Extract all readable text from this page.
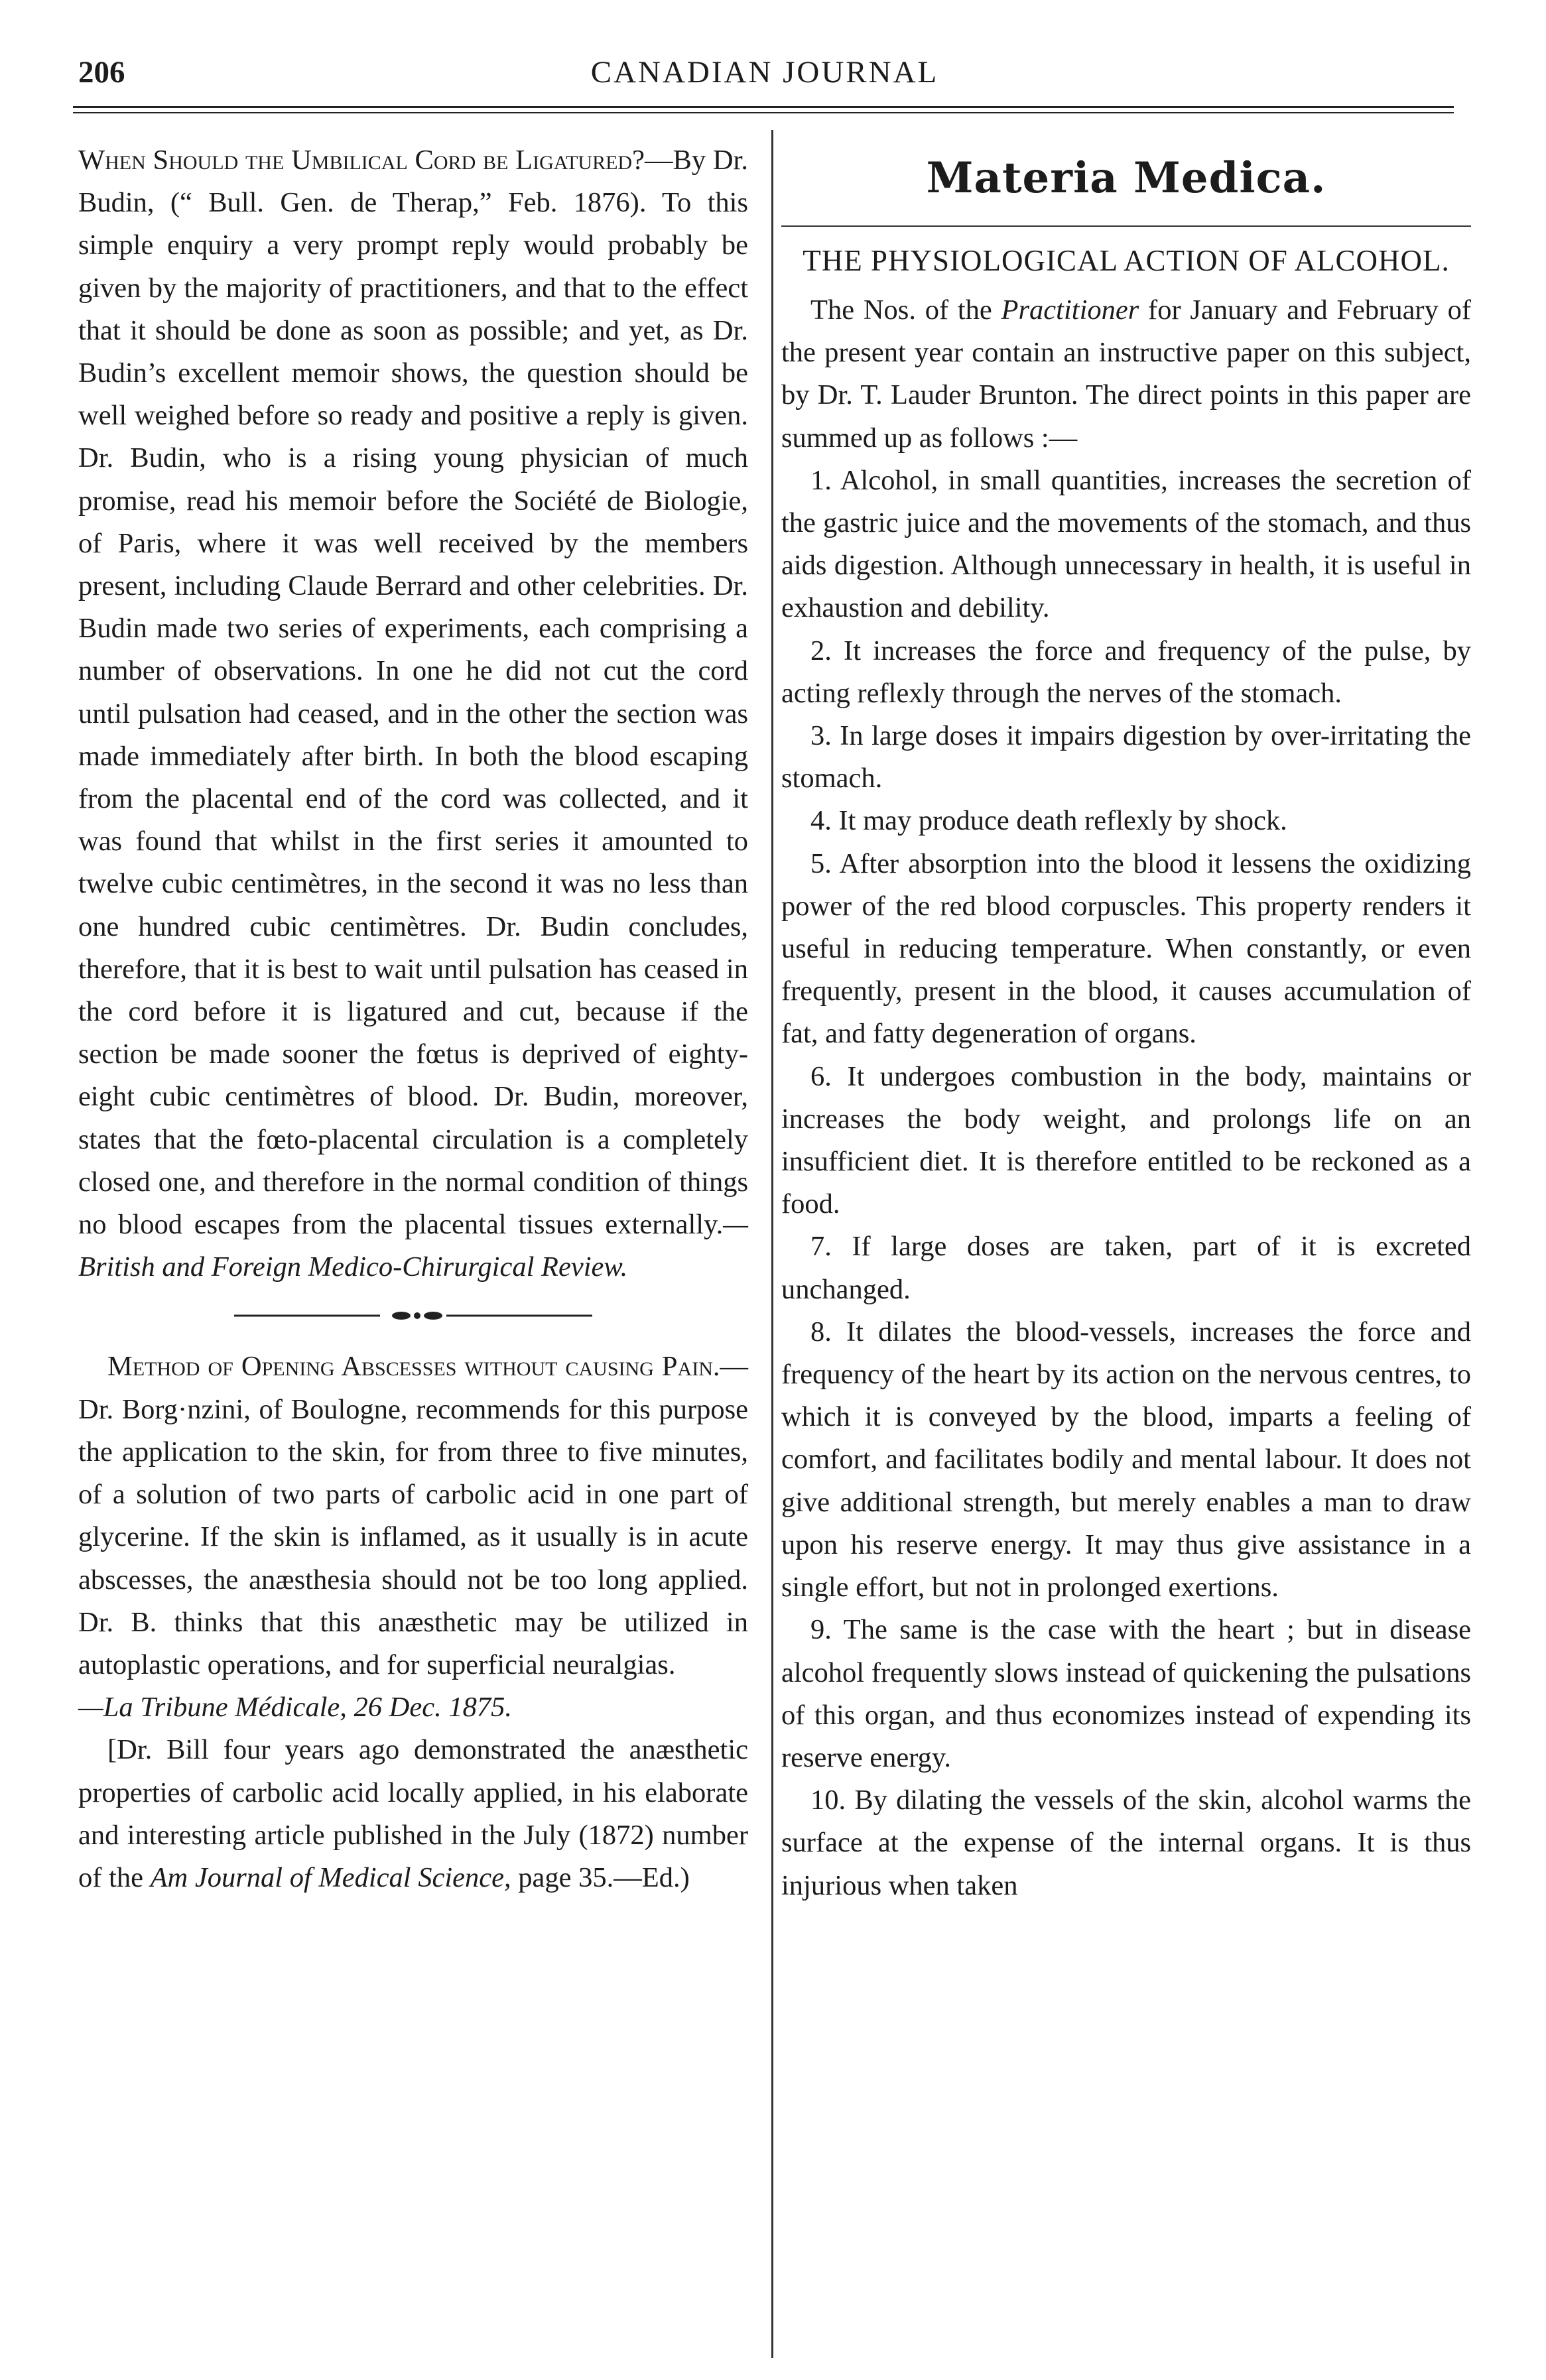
206	CANADIAN JOURNAL

When Should the Umbilical Cord be Ligatured?—By Dr. Budin, (“ Bull. Gen. de Therap,” Feb. 1876). To this simple enquiry a very prompt reply would probably be given by the majority of practitioners, and that to the effect that it should be done as soon as possible; and yet, as Dr. Budin’s excellent memoir shows, the question should be well weighed before so ready and positive a reply is given. Dr. Budin, who is a rising young physician of much promise, read his memoir before the Société de Biologie, of Paris, where it was well received by the members present, including Claude Berrard and other celebrities. Dr. Budin made two series of experiments, each comprising a number of observations. In one he did not cut the cord until pulsation had ceased, and in the other the section was made immediately after birth. In both the blood escaping from the placental end of the cord was collected, and it was found that whilst in the first series it amounted to twelve cubic centimètres, in the second it was no less than one hundred cubic centimètres. Dr. Budin concludes, therefore, that it is best to wait until pulsation has ceased in the cord before it is ligatured and cut, because if the section be made sooner the fœtus is deprived of eighty-eight cubic centimètres of blood. Dr. Budin, moreover, states that the fœto-placental circulation is a completely closed one, and therefore in the normal condition of things no blood escapes from the placental tissues externally.—British and Foreign Medico-Chirurgical Review.

Method of Opening Abscesses without causing Pain.—Dr. Borg·nzini, of Boulogne, recommends for this purpose the application to the skin, for from three to five minutes, of a solution of two parts of carbolic acid in one part of glycerine. If the skin is inflamed, as it usually is in acute abscesses, the anæsthesia should not be too long applied. Dr. B. thinks that this anæsthetic may be utilized in autoplastic operations, and for superficial neuralgias.
—La Tribune Médicale, 26 Dec. 1875.

[Dr. Bill four years ago demonstrated the anæsthetic properties of carbolic acid locally applied, in his elaborate and interesting article published in the July (1872) number of the Am Journal of Medical Science, page 35.—Ed.)

Materia Medica.
THE PHYSIOLOGICAL ACTION OF ALCOHOL.

The Nos. of the Practitioner for January and February of the present year contain an instructive paper on this subject, by Dr. T. Lauder Brunton. The direct points in this paper are summed up as follows :—

1. Alcohol, in small quantities, increases the secretion of the gastric juice and the movements of the stomach, and thus aids digestion. Although unnecessary in health, it is useful in exhaustion and debility.

2. It increases the force and frequency of the pulse, by acting reflexly through the nerves of the stomach.

3. In large doses it impairs digestion by over-irritating the stomach.

4. It may produce death reflexly by shock.

5. After absorption into the blood it lessens the oxidizing power of the red blood corpuscles. This property renders it useful in reducing temperature. When constantly, or even frequently, present in the blood, it causes accumulation of fat, and fatty degeneration of organs.

6. It undergoes combustion in the body, maintains or increases the body weight, and prolongs life on an insufficient diet. It is therefore entitled to be reckoned as a food.

7. If large doses are taken, part of it is excreted unchanged.

8. It dilates the blood-vessels, increases the force and frequency of the heart by its action on the nervous centres, to which it is conveyed by the blood, imparts a feeling of comfort, and facilitates bodily and mental labour. It does not give additional strength, but merely enables a man to draw upon his reserve energy. It may thus give assistance in a single effort, but not in prolonged exertions.

9. The same is the case with the heart ; but in disease alcohol frequently slows instead of quickening the pulsations of this organ, and thus economizes instead of expending its reserve energy.

10. By dilating the vessels of the skin, alcohol warms the surface at the expense of the internal organs. It is thus injurious when taken
